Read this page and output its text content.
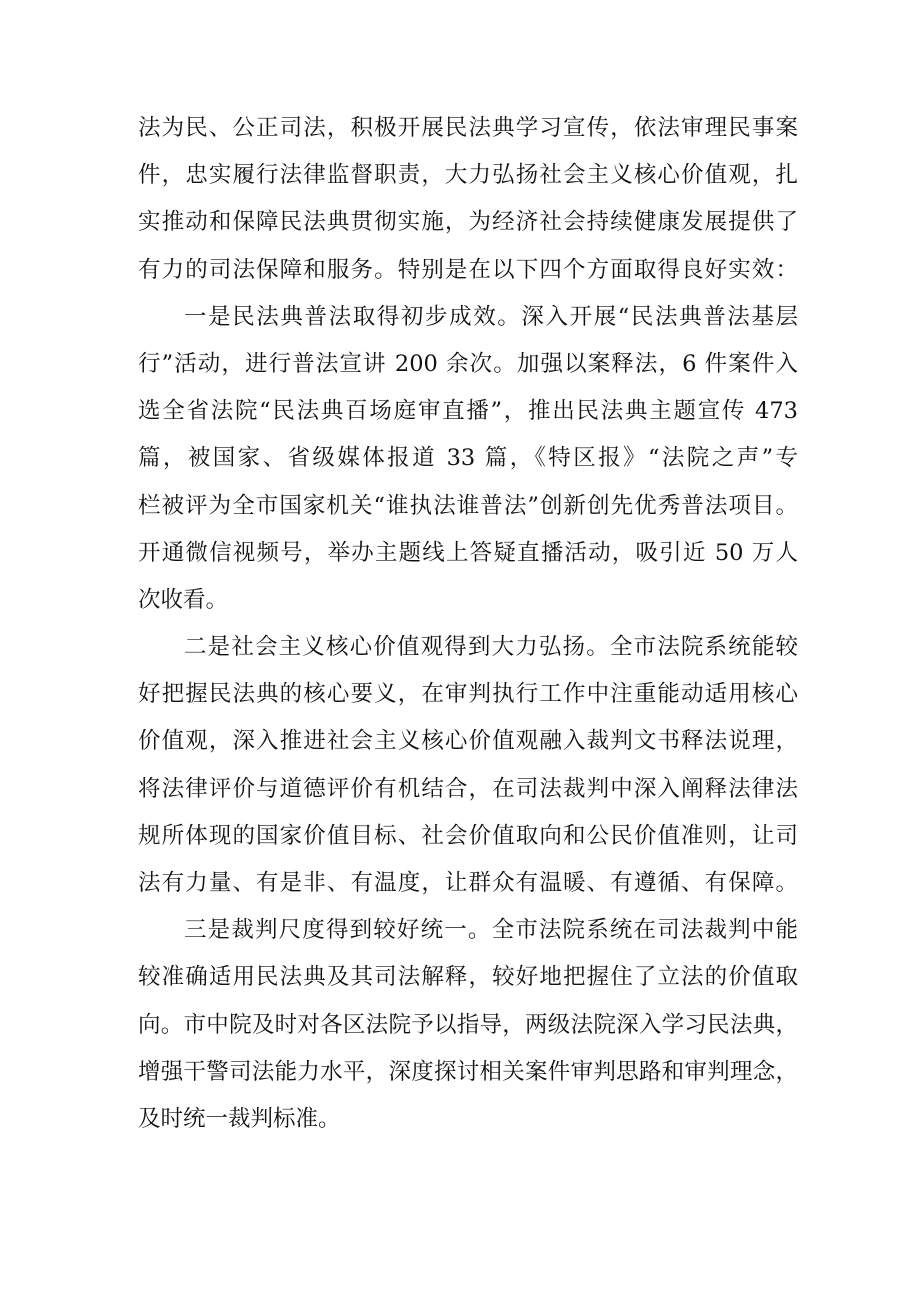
法为民、公正司法，积极开展民法典学习宣传，依法审理民事案
件，忠实履行法律监督职责，大力弘扬社会主义核心价值观，扎
实推动和保障民法典贯彻实施，为经济社会持续健康发展提供了
有力的司法保障和服务。特别是在以下四个方面取得良好实效：
一是民法典普法取得初步成效。深入开展“民法典普法基层
行”活动，进行普法宣讲 200 余次。加强以案释法，6 件案件入
选全省法院“民法典百场庭审直播”，推出民法典主题宣传 473
篇，被国家、省级媒体报道 33 篇，《特区报》“法院之声”专
栏被评为全市国家机关“谁执法谁普法”创新创先优秀普法项目。
开通微信视频号，举办主题线上答疑直播活动，吸引近 50 万人
次收看。
二是社会主义核心价值观得到大力弘扬。全市法院系统能较
好把握民法典的核心要义，在审判执行工作中注重能动适用核心
价值观，深入推进社会主义核心价值观融入裁判文书释法说理，
将法律评价与道德评价有机结合，在司法裁判中深入阐释法律法
规所体现的国家价值目标、社会价值取向和公民价值准则，让司
法有力量、有是非、有温度，让群众有温暖、有遵循、有保障。
三是裁判尺度得到较好统一。全市法院系统在司法裁判中能
较准确适用民法典及其司法解释，较好地把握住了立法的价值取
向。市中院及时对各区法院予以指导，两级法院深入学习民法典，
增强干警司法能力水平，深度探讨相关案件审判思路和审判理念，
及时统一裁判标准。
